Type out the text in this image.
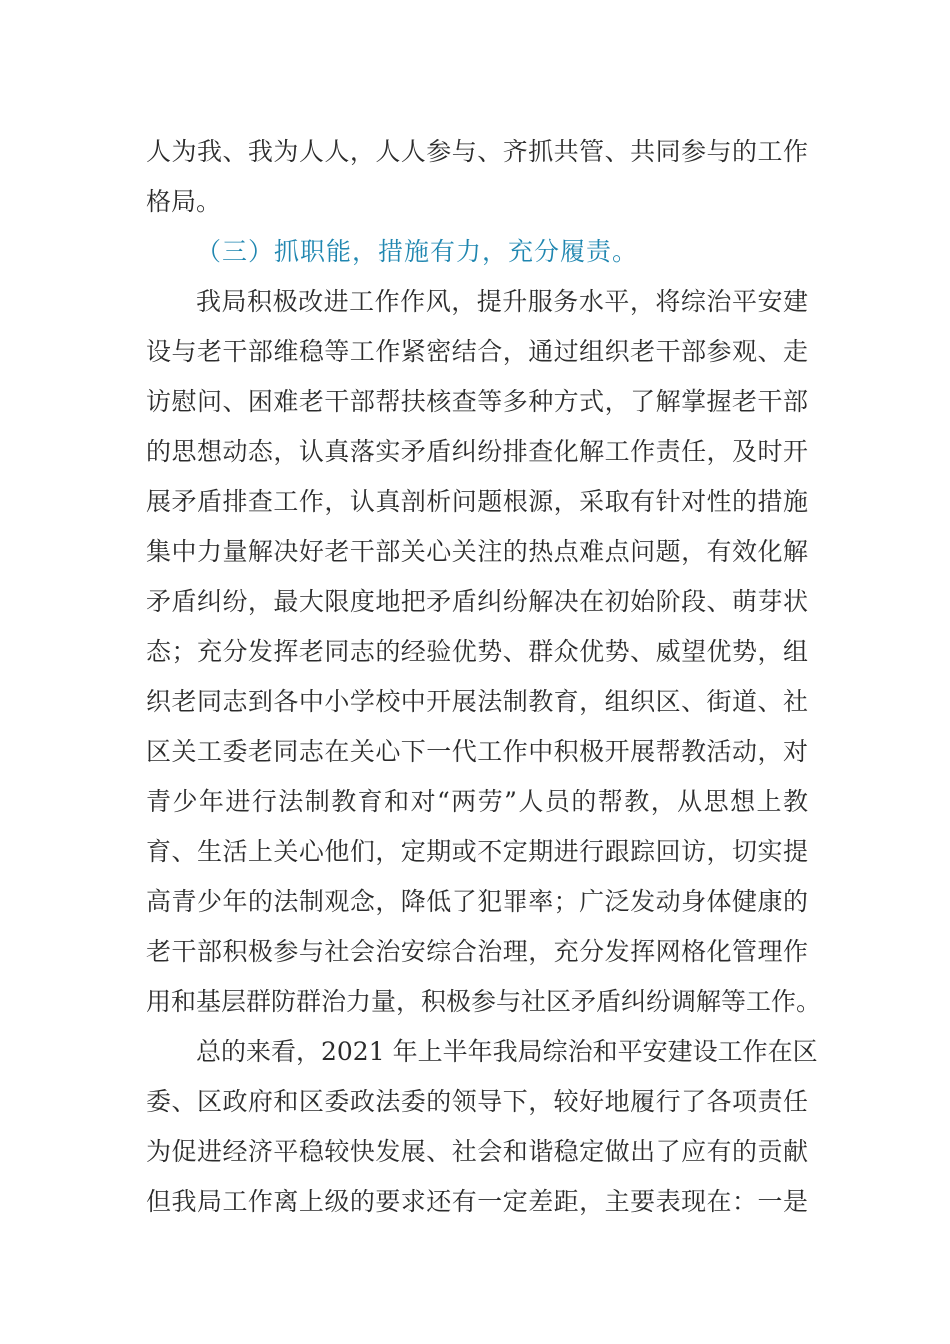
人为我、我为人人，人人参与、齐抓共管、共同参与的工作
格局。
（三）抓职能，措施有力，充分履责。
我局积极改进工作作风，提升服务水平，将综治平安建
设与老干部维稳等工作紧密结合，通过组织老干部参观、走
访慰问、困难老干部帮扶核查等多种方式，了解掌握老干部
的思想动态，认真落实矛盾纠纷排查化解工作责任，及时开
展矛盾排查工作，认真剖析问题根源，采取有针对性的措施
集中力量解决好老干部关心关注的热点难点问题，有效化解
矛盾纠纷，最大限度地把矛盾纠纷解决在初始阶段、萌芽状
态；充分发挥老同志的经验优势、群众优势、威望优势，组
织老同志到各中小学校中开展法制教育，组织区、街道、社
区关工委老同志在关心下一代工作中积极开展帮教活动，对
青少年进行法制教育和对“两劳”人员的帮教，从思想上教
育、生活上关心他们，定期或不定期进行跟踪回访，切实提
高青少年的法制观念，降低了犯罪率；广泛发动身体健康的
老干部积极参与社会治安综合治理，充分发挥网格化管理作
用和基层群防群治力量，积极参与社区矛盾纠纷调解等工作。
总的来看，2021 年上半年我局综治和平安建设工作在区
委、区政府和区委政法委的领导下，较好地履行了各项责任
为促进经济平稳较快发展、社会和谐稳定做出了应有的贡献
但我局工作离上级的要求还有一定差距，主要表现在：一是
